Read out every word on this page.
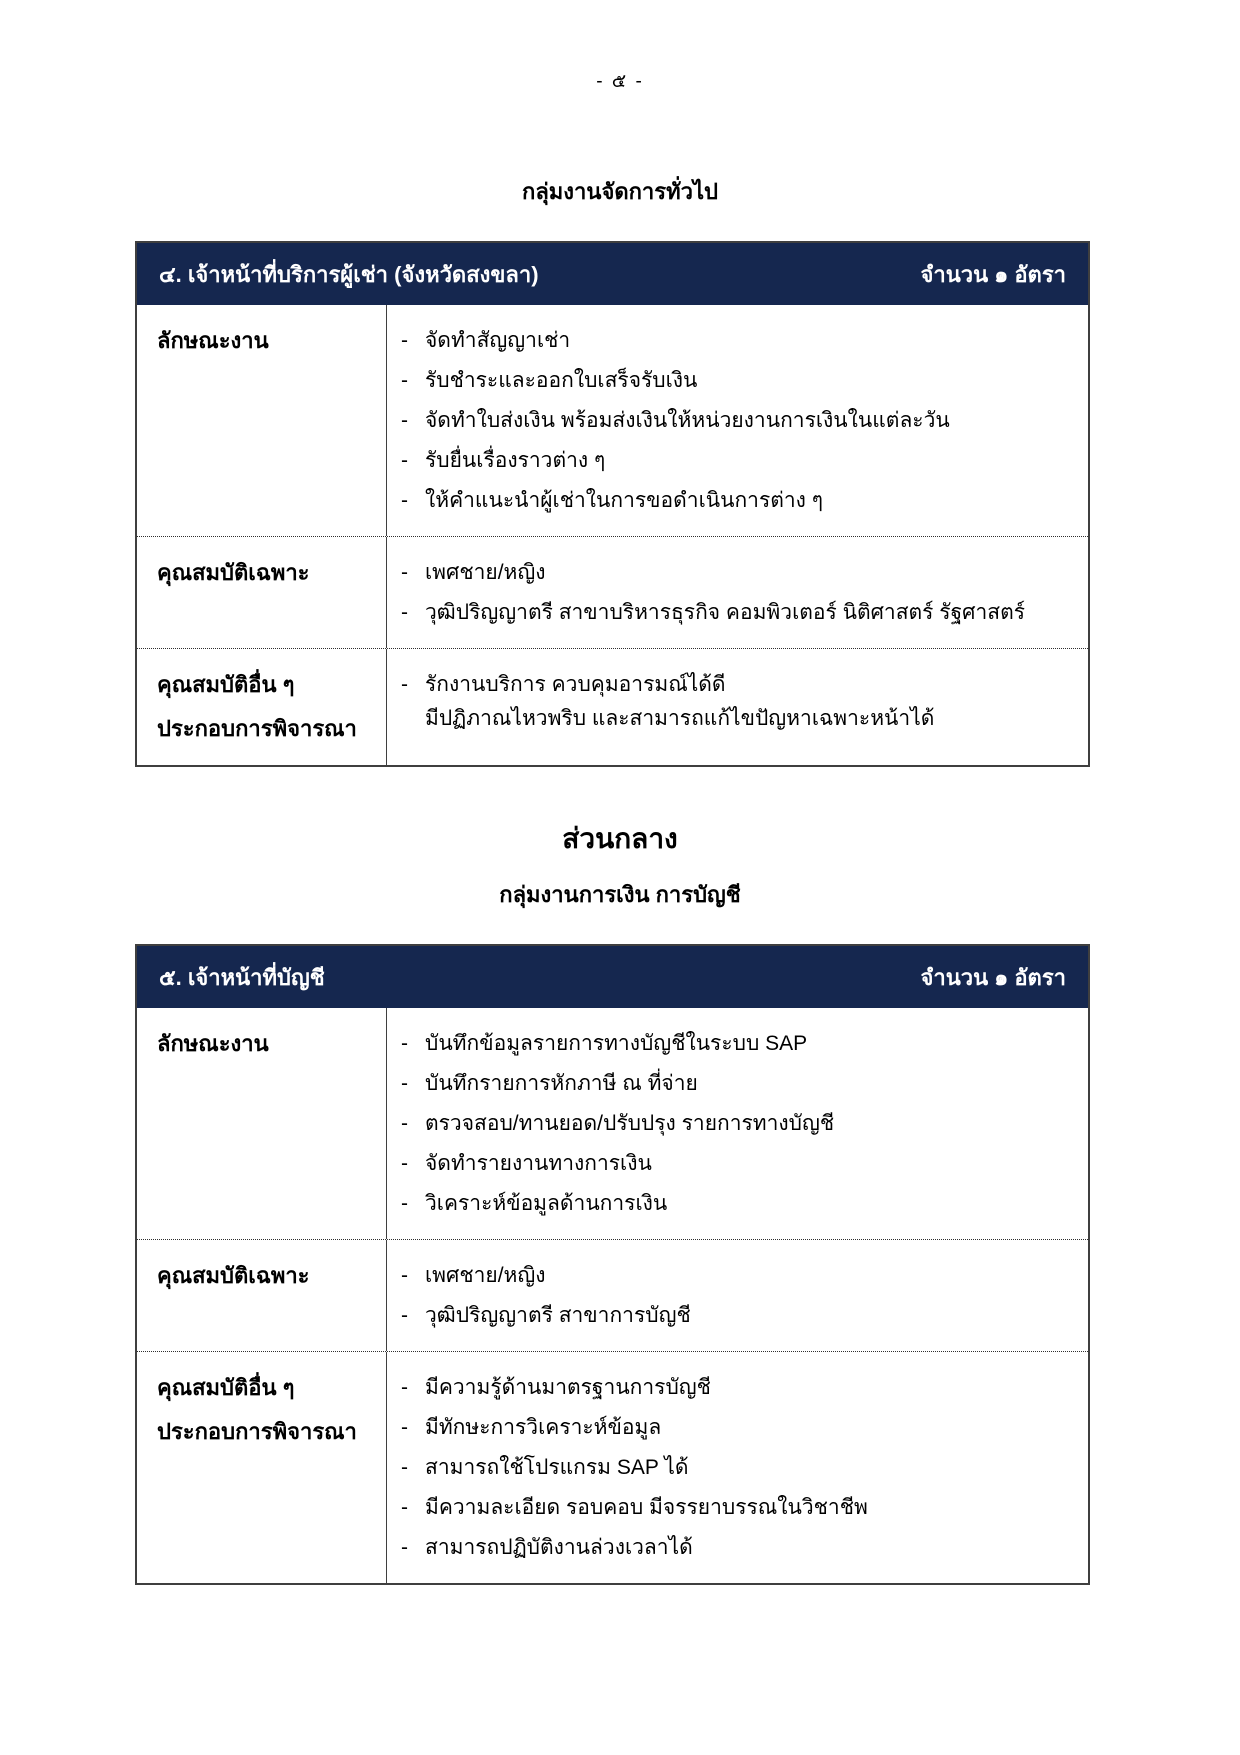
- ๕ -
กลุ่มงานจัดการทั่วไป
๔. เจ้าหน้าที่บริการผู้เช่า (จังหวัดสงขลา)	จำนวน ๑ อัตรา
ลักษณะงาน	- จัดทำสัญญาเช่า
- รับชำระและออกใบเสร็จรับเงิน
- จัดทำใบส่งเงิน พร้อมส่งเงินให้หน่วยงานการเงินในแต่ละวัน
- รับยื่นเรื่องราวต่าง ๆ
- ให้คำแนะนำผู้เช่าในการขอดำเนินการต่าง ๆ
คุณสมบัติเฉพาะ	- เพศชาย/หญิง
- วุฒิปริญญาตรี สาขาบริหารธุรกิจ คอมพิวเตอร์ นิติศาสตร์ รัฐศาสตร์
คุณสมบัติอื่น ๆ
ประกอบการพิจารณา
- รักงานบริการ ควบคุมอารมณ์ได้ดี
มีปฏิภาณไหวพริบ และสามารถแก้ไขปัญหาเฉพาะหน้าได้
ส่วนกลาง
กลุ่มงานการเงิน การบัญชี
๕. เจ้าหน้าที่บัญชี	จำนวน ๑ อัตรา
ลักษณะงาน	- บันทึกข้อมูลรายการทางบัญชีในระบบ SAP
- บันทึกรายการหักภาษี ณ ที่จ่าย
- ตรวจสอบ/ทานยอด/ปรับปรุง รายการทางบัญชี
- จัดทำรายงานทางการเงิน
- วิเคราะห์ข้อมูลด้านการเงิน
คุณสมบัติเฉพาะ	- เพศชาย/หญิง
- วุฒิปริญญาตรี สาขาการบัญชี
คุณสมบัติอื่น ๆ
ประกอบการพิจารณา
- มีความรู้ด้านมาตรฐานการบัญชี
- มีทักษะการวิเคราะห์ข้อมูล
- สามารถใช้โปรแกรม SAP ได้
- มีความละเอียด รอบคอบ มีจรรยาบรรณในวิชาชีพ
- สามารถปฏิบัติงานล่วงเวลาได้
